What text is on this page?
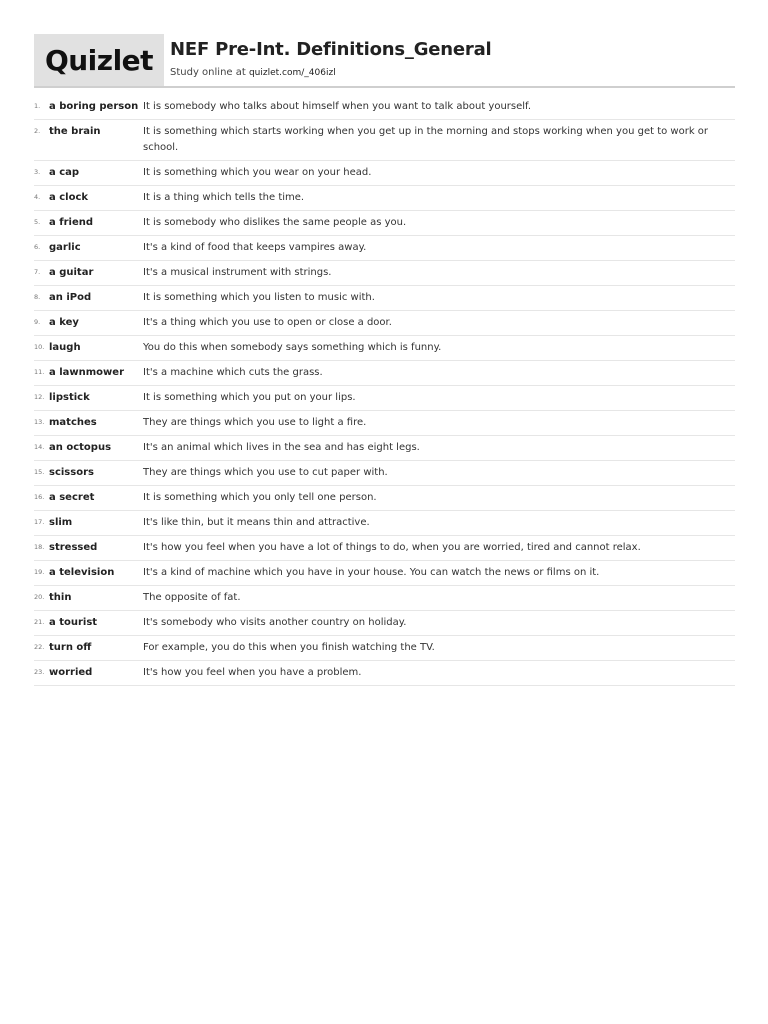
Quizlet NEF Pre-Int. Definitions_General
Study online at quizlet.com/_406izl
1. a boring person It is somebody who talks about himself when you want to talk about yourself.
2. the brain	It is something which starts working when you get up in the morning and stops working when you get to work or school.
3. a cap	It is something which you wear on your head.
4. a clock	It is a thing which tells the time.
5. a friend	It is somebody who dislikes the same people as you.
6. garlic	It's a kind of food that keeps vampires away.
7. a guitar	It's a musical instrument with strings.
8. an iPod	It is something which you listen to music with.
9. a key	It's a thing which you use to open or close a door.
10. laugh	You do this when somebody says something which is funny.
11. a lawnmower	It's a machine which cuts the grass.
12. lipstick	It is something which you put on your lips.
13. matches	They are things which you use to light a fire.
14. an octopus	It's an animal which lives in the sea and has eight legs.
15. scissors	They are things which you use to cut paper with.
16. a secret	It is something which you only tell one person.
17. slim	It's like thin, but it means thin and attractive.
18. stressed	It's how you feel when you have a lot of things to do, when you are worried, tired and cannot relax.
19. a television	It's a kind of machine which you have in your house. You can watch the news or films on it.
20. thin	The opposite of fat.
21. a tourist	It's somebody who visits another country on holiday.
22. turn off	For example, you do this when you finish watching the TV.
23. worried	It's how you feel when you have a problem.
